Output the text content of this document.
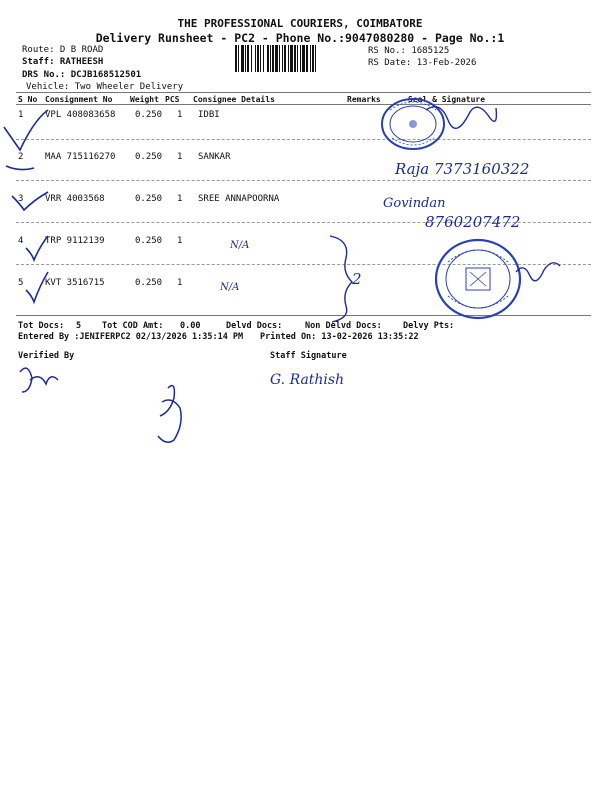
THE PROFESSIONAL COURIERS, COIMBATORE
Delivery Runsheet - PC2 - Phone No.:9047080280 - Page No.:1
Route: D B ROAD
Staff: RATHEESH
DRS No.: DCJB168512501
Vehicle: Two Wheeler Delivery
RS No.: 1685125
RS Date: 13-Feb-2026
S No Consignment No Weight PCS Consignee Details	Remarks	Seal & Signature
1 VPL 408083658 0.250 1 IDBI
2 MAA 715116270 0.250 1 SANKAR
3 VRR 4003568	0.250 1 SREE ANNAPOORNA
4 TRP 9112139	0.250 1
5 KVT 3516715	0.250 1
Tot Docs: 5 Tot COD Amt: 0.00	Delvd Docs:	Non Delvd Docs: Delvy Pts:
Entered By :JENIFERPC2 02/13/2026 1:35:14 PM Printed On: 13-02-2026 13:35:22
Verified By	Staff Signature
Raja 7373160322
Govindan
8760207472
N/A
N/A	2
G. Rathish
